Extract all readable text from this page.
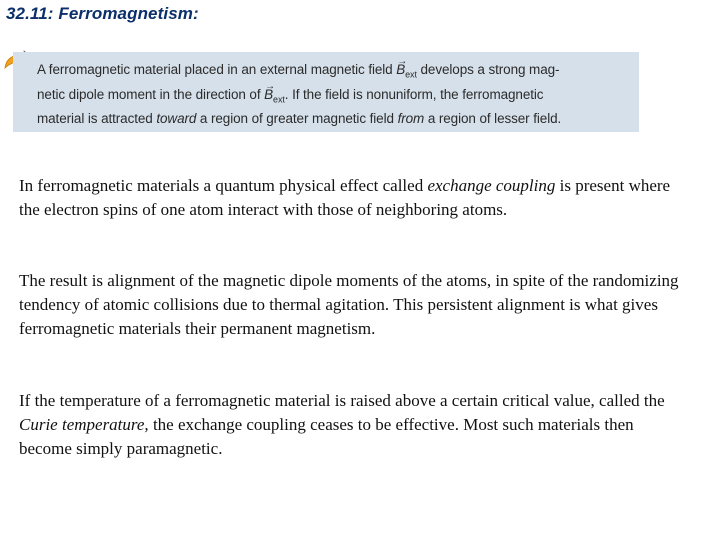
32.11: Ferromagnetism:
A ferromagnetic material placed in an external magnetic field → $B_{ext}$ develops a strong mag-
netic dipole moment in the direction of → $B_{ext}$. If the field is nonuniform, the ferromagnetic
material is attracted toward a region of greater magnetic field from a region of lesser field.

In ferromagnetic materials a quantum physical effect called exchange coupling is present where the electron spins of one atom interact with those of neighboring atoms.

The result is alignment of the magnetic dipole moments of the atoms, in spite of the randomizing tendency of atomic collisions due to thermal agitation. This persistent alignment is what gives ferromagnetic materials their permanent magnetism.

If the temperature of a ferromagnetic material is raised above a certain critical value, called the Curie temperature, the exchange coupling ceases to be effective. Most such materials then become simply paramagnetic.
